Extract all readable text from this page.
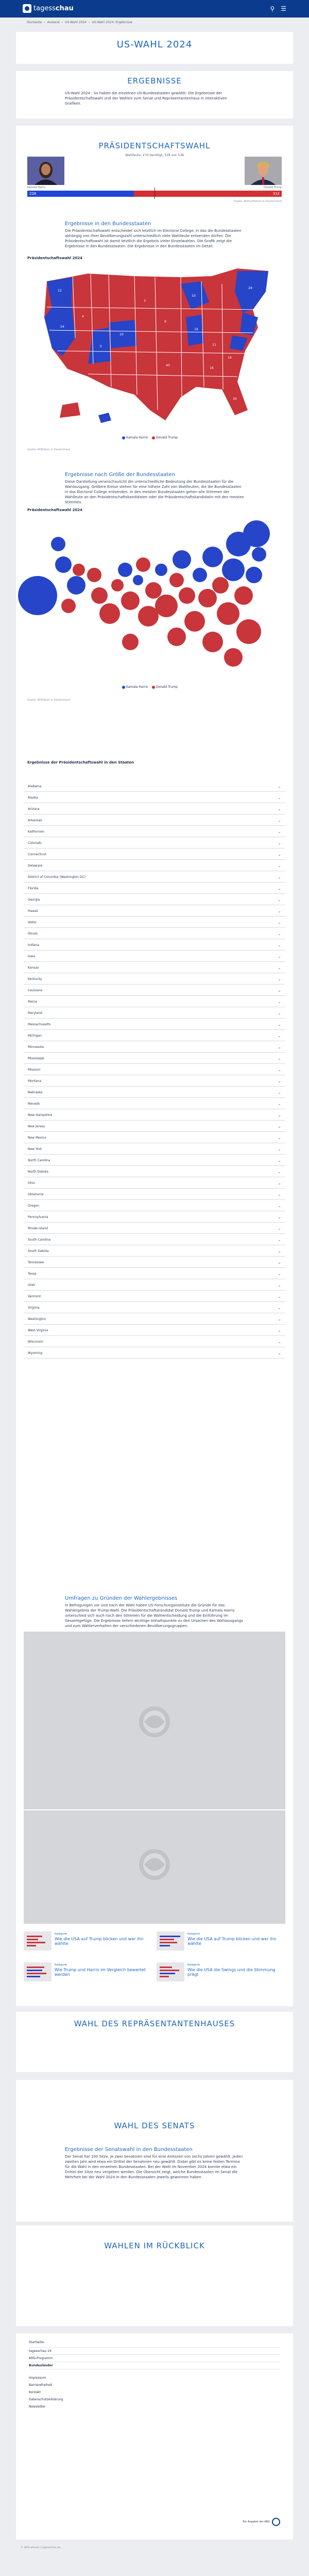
tagess chau	⚲ ☰
Startseite › Ausland › US-Wahl 2024 › US-Wahl 2024: Ergebnisse
US-WAHL 2024
ERGEBNISSE
US-Wahl 2024 - So haben die einzelnen US-Bundesstaaten gewählt: Die Ergebnisse der Präsidentschaftswahl und der Wahlen zum Senat und Repräsentantenhaus in interaktiven Grafiken.
PRÄSIDENTSCHAFTSWAHL
Wahlleute: 270 benötigt, 538 von 538
Kamala Harris	Donald Trump
226	312
Quelle: AP/Fox/Edison in Deutschland
Ergebnisse in den Bundesstaaten
Die Präsidentschaftswahl entscheidet sich letztlich im Electoral College, in das die Bundesstaaten abhängig von ihrer Bevölkerungszahl unterschiedlich viele Wahlleute entsenden dürfen. Die Präsidentschaftswahl ist damit letztlich die Ergebnis vieler Einzelwahlen. Die Grafik zeigt die Ergebnisse in den Bundesstaaten. Die Ergebnisse in den Bundesstaaten im Detail.
Präsidentschaftswahl 2024
12
54
4
10
5
3
9
40
10
19
11
28
30
16
16
Kamala Harris	Donald Trump
Quelle: AP/Edison in Deutschland
Ergebnisse nach Größe der Bundesstaaten
Diese Darstellung veranschaulicht die unterschiedliche Bedeutung der Bundesstaaten für die Wahlausgang. Größere Kreise stehen für eine höhere Zahl von Wahlleuten, die die Bundesstaaten in das Electoral College entsenden. In den meisten Bundesstaaten gehen alle Stimmen der Wahlleute an den Präsidentschaftskandidaten oder die Präsidentschaftskandidatin mit den meisten Stimmen.
Präsidentschaftswahl 2024
Kamala Harris	Donald Trump
Quelle: AP/Edison in Deutschland
Ergebnisse der Präsidentschaftswahl in den Staaten
Alabama	⌄
Alaska	⌄
Arizona	⌄
Arkansas	⌄
Kalifornien	⌄
Colorado	⌄
Connecticut	⌄
Delaware	⌄
District of Columbia (Washington DC)	⌄
Florida	⌄
Georgia	⌄
Hawaii	⌄
Idaho	⌄
Illinois	⌄
Indiana	⌄
Iowa	⌄
Kansas	⌄
Kentucky	⌄
Louisiana	⌄
Maine	⌄
Maryland	⌄
Massachusetts	⌄
Michigan	⌄
Minnesota	⌄
Mississippi	⌄
Missouri	⌄
Montana	⌄
Nebraska	⌄
Nevada	⌄
New Hampshire	⌄
New Jersey	⌄
New Mexico	⌄
New York	⌄
North Carolina	⌄
North Dakota	⌄
Ohio	⌄
Oklahoma	⌄
Oregon	⌄
Pennsylvania	⌄
Rhode Island	⌄
South Carolina	⌄
South Dakota	⌄
Tennessee	⌄
Texas	⌄
Utah	⌄
Vermont	⌄
Virginia	⌄
Washington	⌄
West Virginia	⌄
Wisconsin	⌄
Wyoming	⌄
Umfragen zu Gründen der Wahlergebnisses
In Befragungen vor und nach der Wahl haben US-Forschungsinstitute die Gründe für das Wahlergebnis der Trump-Wahl: Die Präsidentschaftskandidat Donald Trump und Kamala Harris unterschied sich auch nach den Stimmen für die Wahlentscheidung und die Einführung im Gesamtgefüge. Die Ergebnisse liefern wichtige Anhaltspunkte zu den Ursachen des Wahlausgangs und zum Wählerverhalten der verschiedenen Bevölkerungsgruppen.
Kategorie
Wie die USA auf Trump blicken und wer ihn wählte
Kategorie
Wie die USA auf Trump blicken und wer ihn wählte
Kategorie
Wie Trump und Harris im Vergleich bewertet werden
Kategorie
Wie die USA die Swings und die Stimmung prägt
WAHL DES REPRÄSENTANTENHAUSES
WAHL DES SENATS
Ergebnisse der Senatswahl in den Bundesstaaten
Der Senat hat 100 Sitze. Je zwei Senatoren sind für eine Amtszeit von sechs Jahren gewählt. Jeden zweiten Jahr wird etwa ein Drittel der Senatoren neu gewählt. Dabei gibt es keine festen Termine für die Wahl in den einzelnen Bundesstaaten. Bei der Wahl im November 2024 konnte etwa ein Drittel der Sitze neu vergeben werden. Die Übersicht zeigt, welche Bundesstaaten im Senat die Mehrheit bei der Wahl 2024 in den Bundesstaaten jeweils gewonnen haben.
WAHLEN IM RÜCKBLICK
Startseite
tagesschau 24
ARD-Programm
Bundesländer
Impressum
Barrierefreiheit
Kontakt
Datenschutzerklärung
Newsletter
Ein Angebot der ARD
© ARD-aktuell / tagesschau.de
